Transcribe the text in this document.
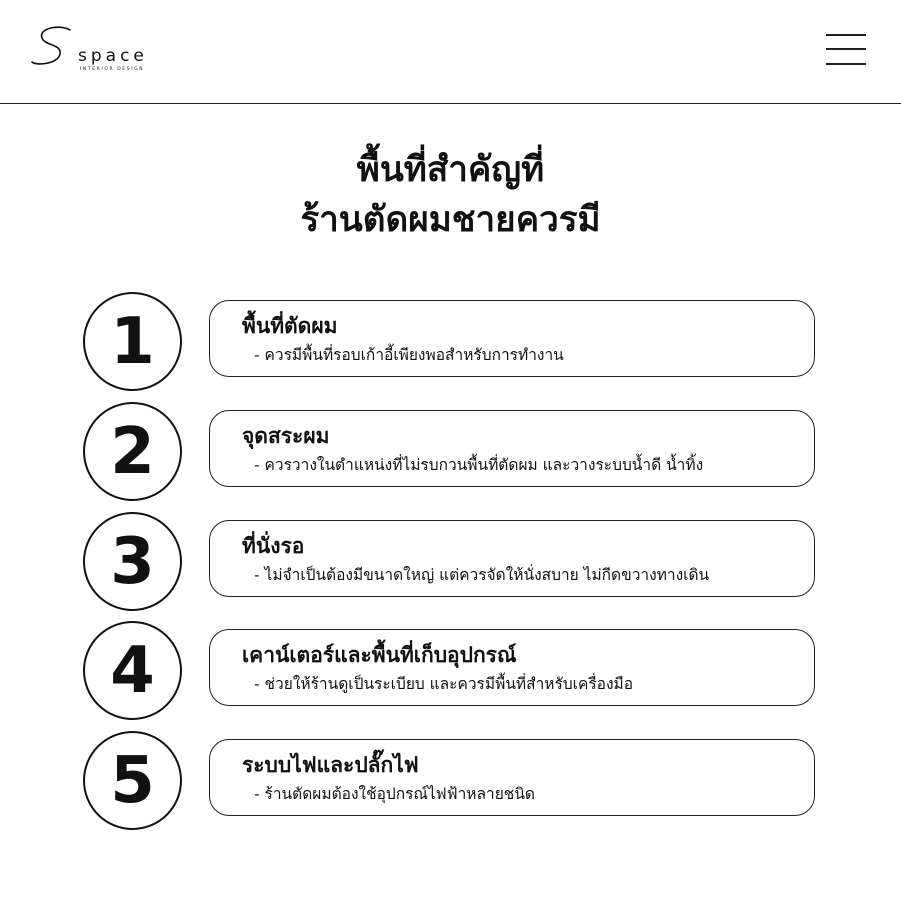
space
INTERIOR DESIGN
พื้นที่สำคัญที่
ร้านตัดผมชายควรมี
1	พื้นที่ตัดผม
- ควรมีพื้นที่รอบเก้าอี้เพียงพอสำหรับการทำงาน
2	จุดสระผม
- ควรวางในตำแหน่งที่ไม่รบกวนพื้นที่ตัดผม และวางระบบน้ำดี น้ำทิ้ง
3	ที่นั่งรอ
- ไม่จำเป็นต้องมีขนาดใหญ่ แต่ควรจัดให้นั่งสบาย ไม่กีดขวางทางเดิน
4	เคาน์เตอร์และพื้นที่เก็บอุปกรณ์
- ช่วยให้ร้านดูเป็นระเบียบ และควรมีพื้นที่สำหรับเครื่องมือ
5	ระบบไฟและปลั๊กไฟ
- ร้านตัดผมต้องใช้อุปกรณ์ไฟฟ้าหลายชนิด
